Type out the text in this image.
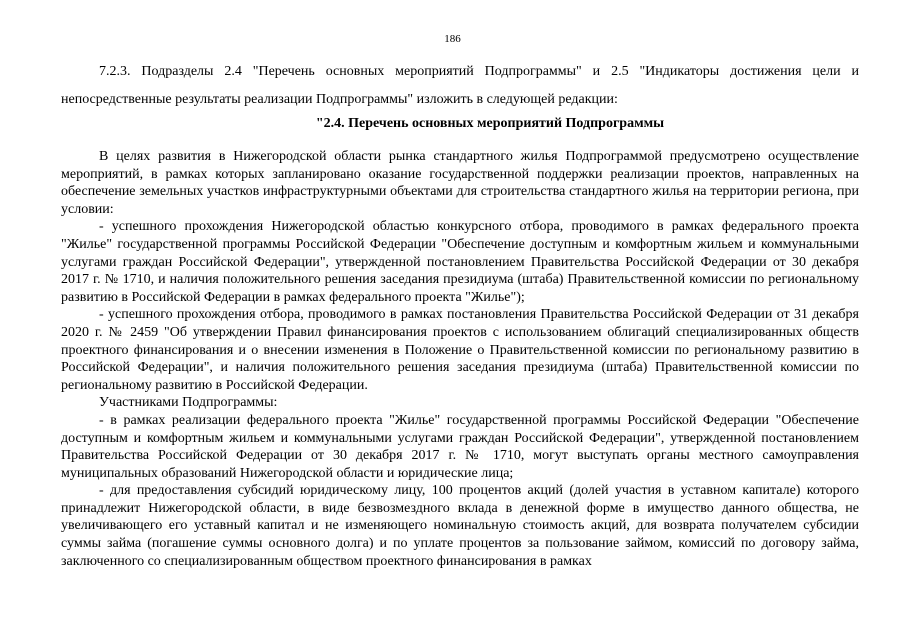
186

7.2.3. Подразделы 2.4 "Перечень основных мероприятий Подпрограммы" и 2.5 "Индикаторы достижения цели и непосредственные результаты реализации Подпрограммы" изложить в следующей редакции:

"2.4. Перечень основных мероприятий Подпрограммы

В целях развития в Нижегородской области рынка стандартного жилья Подпрограммой предусмотрено осуществление мероприятий, в рамках которых запланировано оказание государственной поддержки реализации проектов, направленных на обеспечение земельных участков инфраструктурными объектами для строительства стандартного жилья на территории региона, при условии:

- успешного прохождения Нижегородской областью конкурсного отбора, проводимого в рамках федерального проекта "Жилье" государственной программы Российской Федерации "Обеспечение доступным и комфортным жильем и коммунальными услугами граждан Российской Федерации", утвержденной постановлением Правительства Российской Федерации от 30 декабря 2017 г. № 1710, и наличия положительного решения заседания президиума (штаба) Правительственной комиссии по региональному развитию в Российской Федерации в рамках федерального проекта "Жилье");

- успешного прохождения отбора, проводимого в рамках постановления Правительства Российской Федерации от 31 декабря 2020 г. № 2459 "Об утверждении Правил финансирования проектов с использованием облигаций специализированных обществ проектного финансирования и о внесении изменения в Положение о Правительственной комиссии по региональному развитию в Российской Федерации", и наличия положительного решения заседания президиума (штаба) Правительственной комиссии по региональному развитию в Российской Федерации.

Участниками Подпрограммы:

- в рамках реализации федерального проекта "Жилье" государственной программы Российской Федерации "Обеспечение доступным и комфортным жильем и коммунальными услугами граждан Российской Федерации", утвержденной постановлением Правительства Российской Федерации от 30 декабря 2017 г. № 1710, могут выступать органы местного самоуправления муниципальных образований Нижегородской области и юридические лица;

- для предоставления субсидий юридическому лицу, 100 процентов акций (долей участия в уставном капитале) которого принадлежит Нижегородской области, в виде безвозмездного вклада в денежной форме в имущество данного общества, не увеличивающего его уставный капитал и не изменяющего номинальную стоимость акций, для возврата получателем субсидии суммы займа (погашение суммы основного долга) и по уплате процентов за пользование займом, комиссий по договору займа, заключенного со специализированным обществом проектного финансирования в рамках
